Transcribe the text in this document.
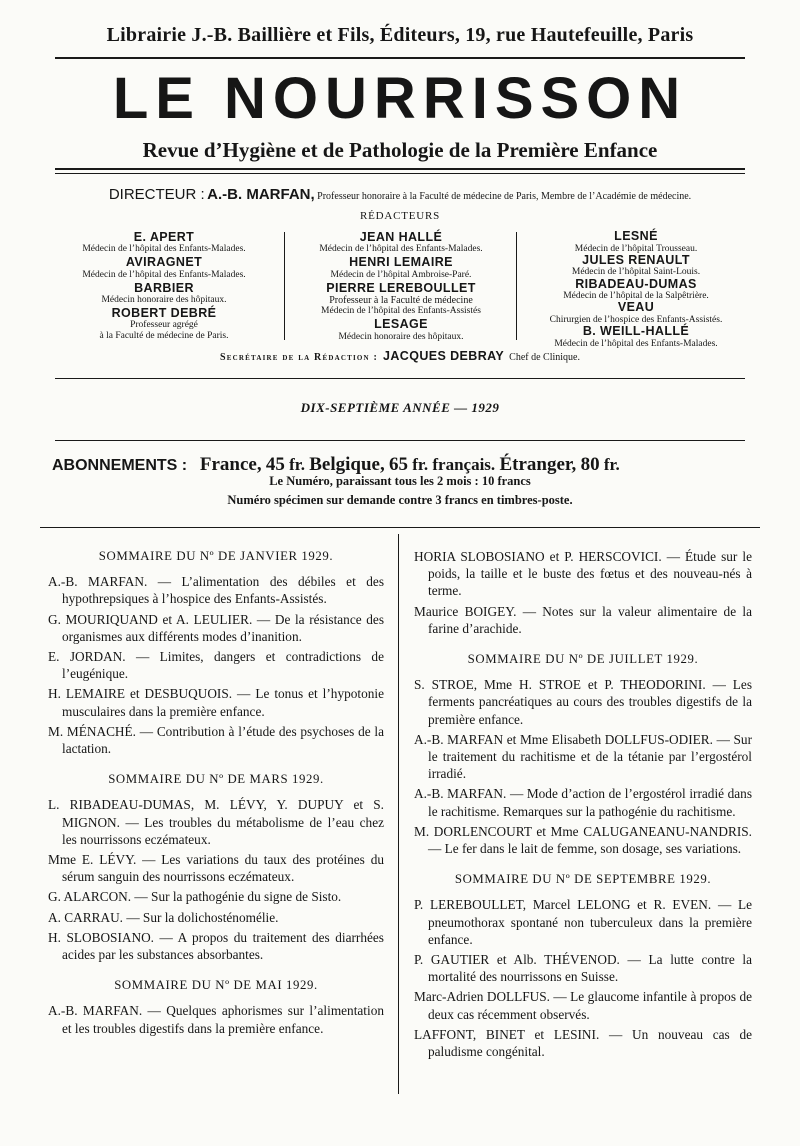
Librairie J.-B. Baillière et Fils, Éditeurs, 19, rue Hautefeuille, Paris
LE NOURRISSON
Revue d’Hygiène et de Pathologie de la Première Enfance
DIRECTEUR : A.-B. MARFAN, Professeur honoraire à la Faculté de médecine de Paris, Membre de l’Académie de médecine.
RÉDACTEURS
E. APERT
Médecin de l’hôpital des Enfants-Malades.
AVIRAGNET
Médecin de l’hôpital des Enfants-Malades.
BARBIER
Médecin honoraire des hôpitaux.
ROBERT DEBRÉ
Professeur agrégé
à la Faculté de médecine de Paris.
JEAN HALLÉ
Médecin de l’hôpital des Enfants-Malades.
HENRI LEMAIRE
Médecin de l’hôpital Ambroise-Paré.
PIERRE LEREBOULLET
Professeur à la Faculté de médecine
Médecin de l’hôpital des Enfants-Assistés
LESAGE
Médecin honoraire des hôpitaux.
LESNÉ
Médecin de l’hôpital Trousseau.
JULES RENAULT
Médecin de l’hôpital Saint-Louis.
RIBADEAU-DUMAS
Médecin de l’hôpital de la Salpêtrière.
VEAU
Chirurgien de l’hospice des Enfants-Assistés.
B. WEILL-HALLÉ
Médecin de l’hôpital des Enfants-Malades.
Secrétaire de la Rédaction : JACQUES DEBRAY Chef de Clinique.
DIX-SEPTIÈME ANNÉE — 1929
ABONNEMENTS : France, 45 fr. Belgique, 65 fr. français. Étranger, 80 fr.
Le Numéro, paraissant tous les 2 mois : 10 francs
Numéro spécimen sur demande contre 3 francs en timbres-poste.
SOMMAIRE DU Nº DE JANVIER 1929.
A.-B. MARFAN. — L’alimentation des débiles et des hypothrepsiques à l’hospice des Enfants-Assistés.
G. MOURIQUAND et A. LEULIER. — De la résistance des organismes aux différents modes d’inanition.
E. JORDAN. — Limites, dangers et contradictions de l’eugénique.
H. LEMAIRE et DESBUQUOIS. — Le tonus et l’hypotonie musculaires dans la première enfance.
M. MÉNACHÉ. — Contribution à l’étude des psychoses de la lactation.
SOMMAIRE DU Nº DE MARS 1929.
L. RIBADEAU-DUMAS, M. LÉVY, Y. DUPUY et S. MIGNON. — Les troubles du métabolisme de l’eau chez les nourrissons eczémateux.
Mme E. LÉVY. — Les variations du taux des protéines du sérum sanguin des nourrissons eczémateux.
G. ALARCON. — Sur la pathogénie du signe de Sisto.
A. CARRAU. — Sur la dolichosténomélie.
H. SLOBOSIANO. — A propos du traitement des diarrhées acides par les substances absorbantes.
SOMMAIRE DU Nº DE MAI 1929.
A.-B. MARFAN. — Quelques aphorismes sur l’alimentation et les troubles digestifs dans la première enfance.
HORIA SLOBOSIANO et P. HERSCOVICI. — Étude sur le poids, la taille et le buste des fœtus et des nouveau-nés à terme.
Maurice BOIGEY. — Notes sur la valeur alimentaire de la farine d’arachide.
SOMMAIRE DU Nº DE JUILLET 1929.
S. STROE, Mme H. STROE et P. THEODORINI. — Les ferments pancréatiques au cours des troubles digestifs de la première enfance.
A.-B. MARFAN et Mme Elisabeth DOLLFUS-ODIER. — Sur le traitement du rachitisme et de la tétanie par l’ergostérol irradié.
A.-B. MARFAN. — Mode d’action de l’ergostérol irradié dans le rachitisme. Remarques sur la pathogénie du rachitisme.
M. DORLENCOURT et Mme CALUGANEANU-NANDRIS. — Le fer dans le lait de femme, son dosage, ses variations.
SOMMAIRE DU Nº DE SEPTEMBRE 1929.
P. LEREBOULLET, Marcel LELONG et R. EVEN. — Le pneumothorax spontané non tuberculeux dans la première enfance.
P. GAUTIER et Alb. THÉVENOD. — La lutte contre la mortalité des nourrissons en Suisse.
Marc-Adrien DOLLFUS. — Le glaucome infantile à propos de deux cas récemment observés.
LAFFONT, BINET et LESINI. — Un nouveau cas de paludisme congénital.
